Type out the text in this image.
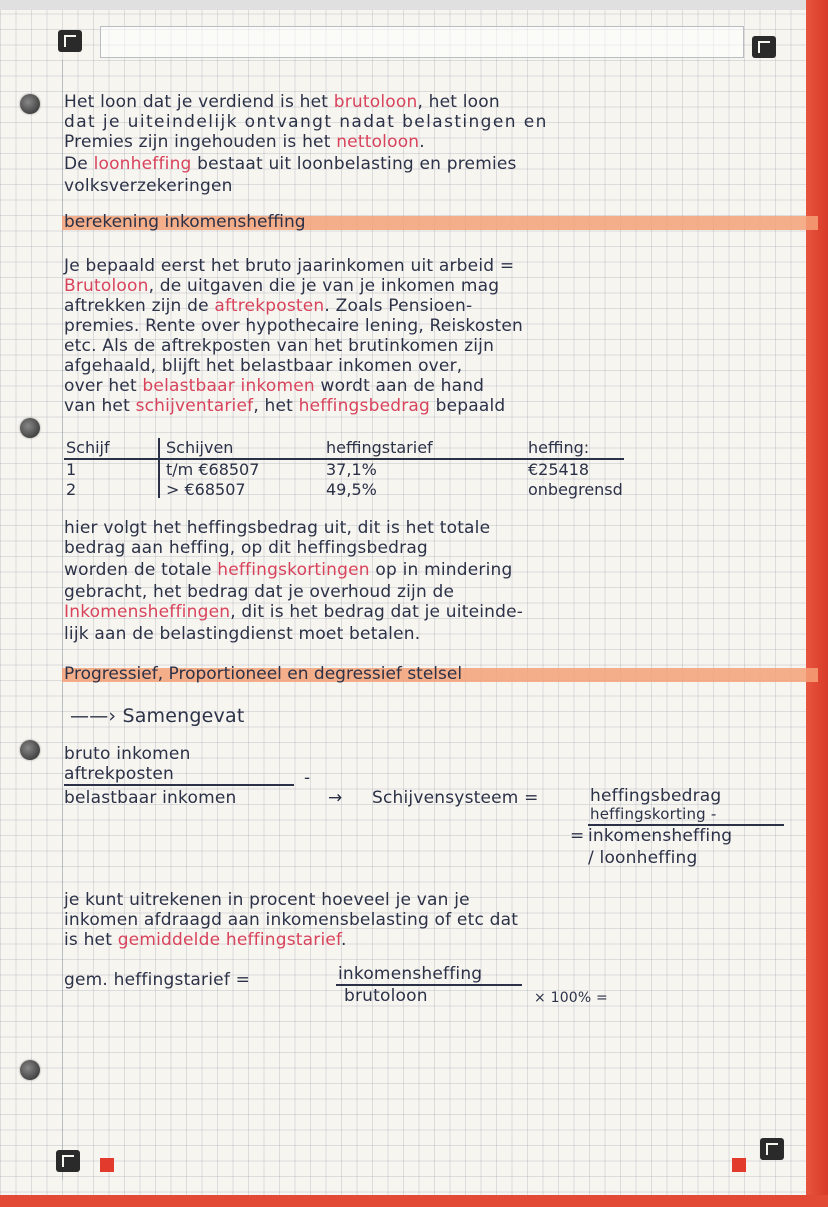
Het loon dat je verdiend is het brutoloon, het loon
dat je uiteindelijk ontvangt nadat belastingen en
Premies zijn ingehouden is het nettoloon.
De loonheffing bestaat uit loonbelasting en premies
volksverzekeringen
berekening inkomensheffing
Je bepaald eerst het bruto jaarinkomen uit arbeid =
Brutoloon, de uitgaven die je van je inkomen mag
aftrekken zijn de aftrekposten. Zoals Pensioen-
premies. Rente over hypothecaire lening, Reiskosten
etc. Als de aftrekposten van het brutinkomen zijn
afgehaald, blijft het belastbaar inkomen over,
over het belastbaar inkomen wordt aan de hand
van het schijventarief, het heffingsbedrag bepaald
Schijf	Schijven	heffingstarief	heffing:
1	t/m €68507	37,1%	€25418
2	> €68507	49,5%	onbegrensd
hier volgt het heffingsbedrag uit, dit is het totale
bedrag aan heffing, op dit heffingsbedrag
worden de totale heffingskortingen op in mindering
gebracht, het bedrag dat je overhoud zijn de
Inkomensheffingen, dit is het bedrag dat je uiteinde-
lijk aan de belastingdienst moet betalen.
Progressief, Proportioneel en degressief stelsel
——› Samengevat
bruto inkomen
aftrekposten	-
belastbaar inkomen	→ Schijvensysteem =	heffingsbedrag
heffingskorting -
= inkomensheffing
/ loonheffing
je kunt uitrekenen in procent hoeveel je van je
inkomen afdraagd aan inkomensbelasting of etc dat
is het gemiddelde heffingstarief.
gem. heffingstarief =	inkomensheffing
brutoloon	× 100% =
